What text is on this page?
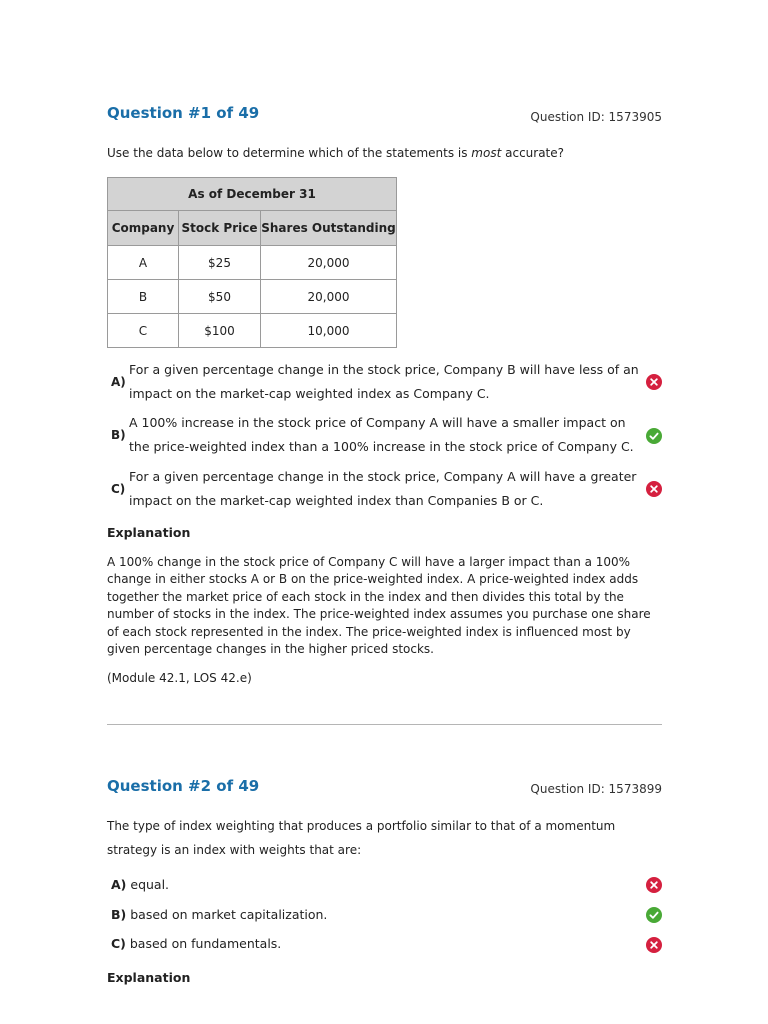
Question #1 of 49	Question ID: 1573905
Use the data below to determine which of the statements is most accurate?
As of December 31		
Company	Stock Price	Shares Outstanding
A	$25	20,000
B	$50	20,000
C	$100	10,000
A)
For a given percentage change in the stock price, Company B will have less of an
impact on the market-cap weighted index as Company C.
B)
A 100% increase in the stock price of Company A will have a smaller impact on
the price-weighted index than a 100% increase in the stock price of Company C.
C)
For a given percentage change in the stock price, Company A will have a greater
impact on the market-cap weighted index than Companies B or C.
Explanation
A 100% change in the stock price of Company C will have a larger impact than a 100%
change in either stocks A or B on the price-weighted index. A price-weighted index adds
together the market price of each stock in the index and then divides this total by the
number of stocks in the index. The price-weighted index assumes you purchase one share
of each stock represented in the index. The price-weighted index is influenced most by
given percentage changes in the higher priced stocks.
(Module 42.1, LOS 42.e)
Question #2 of 49	Question ID: 1573899
The type of index weighting that produces a portfolio similar to that of a momentum
strategy is an index with weights that are:
A) equal.
B) based on market capitalization.
C) based on fundamentals.
Explanation
